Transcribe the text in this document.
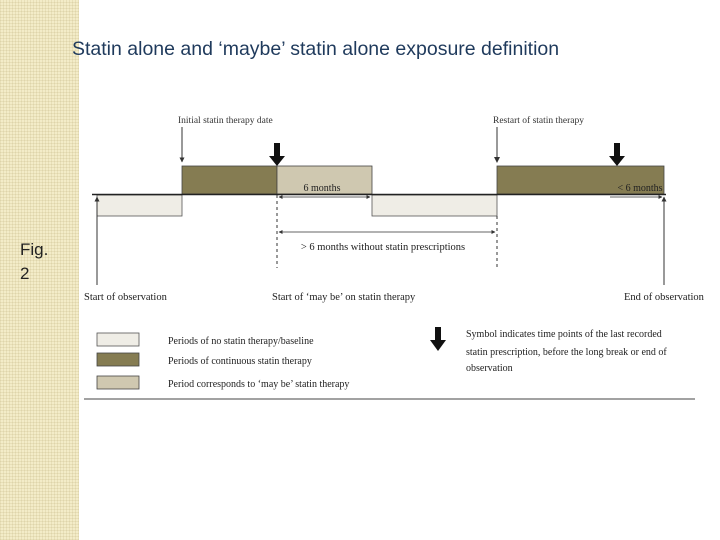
Statin alone and ‘maybe’ statin alone exposure definition
Fig.
2
Initial statin therapy date	Restart of statin therapy
6 months	< 6 months
> 6 months without statin prescriptions
Start of observation	Start of ‘may be’ on statin therapy	End of observation
Periods of no statin therapy/baseline
Periods of continuous statin therapy
Period corresponds to ‘may be’ statin therapy
Symbol indicates time points of the last recorded
statin prescription, before the long break or end of
observation
